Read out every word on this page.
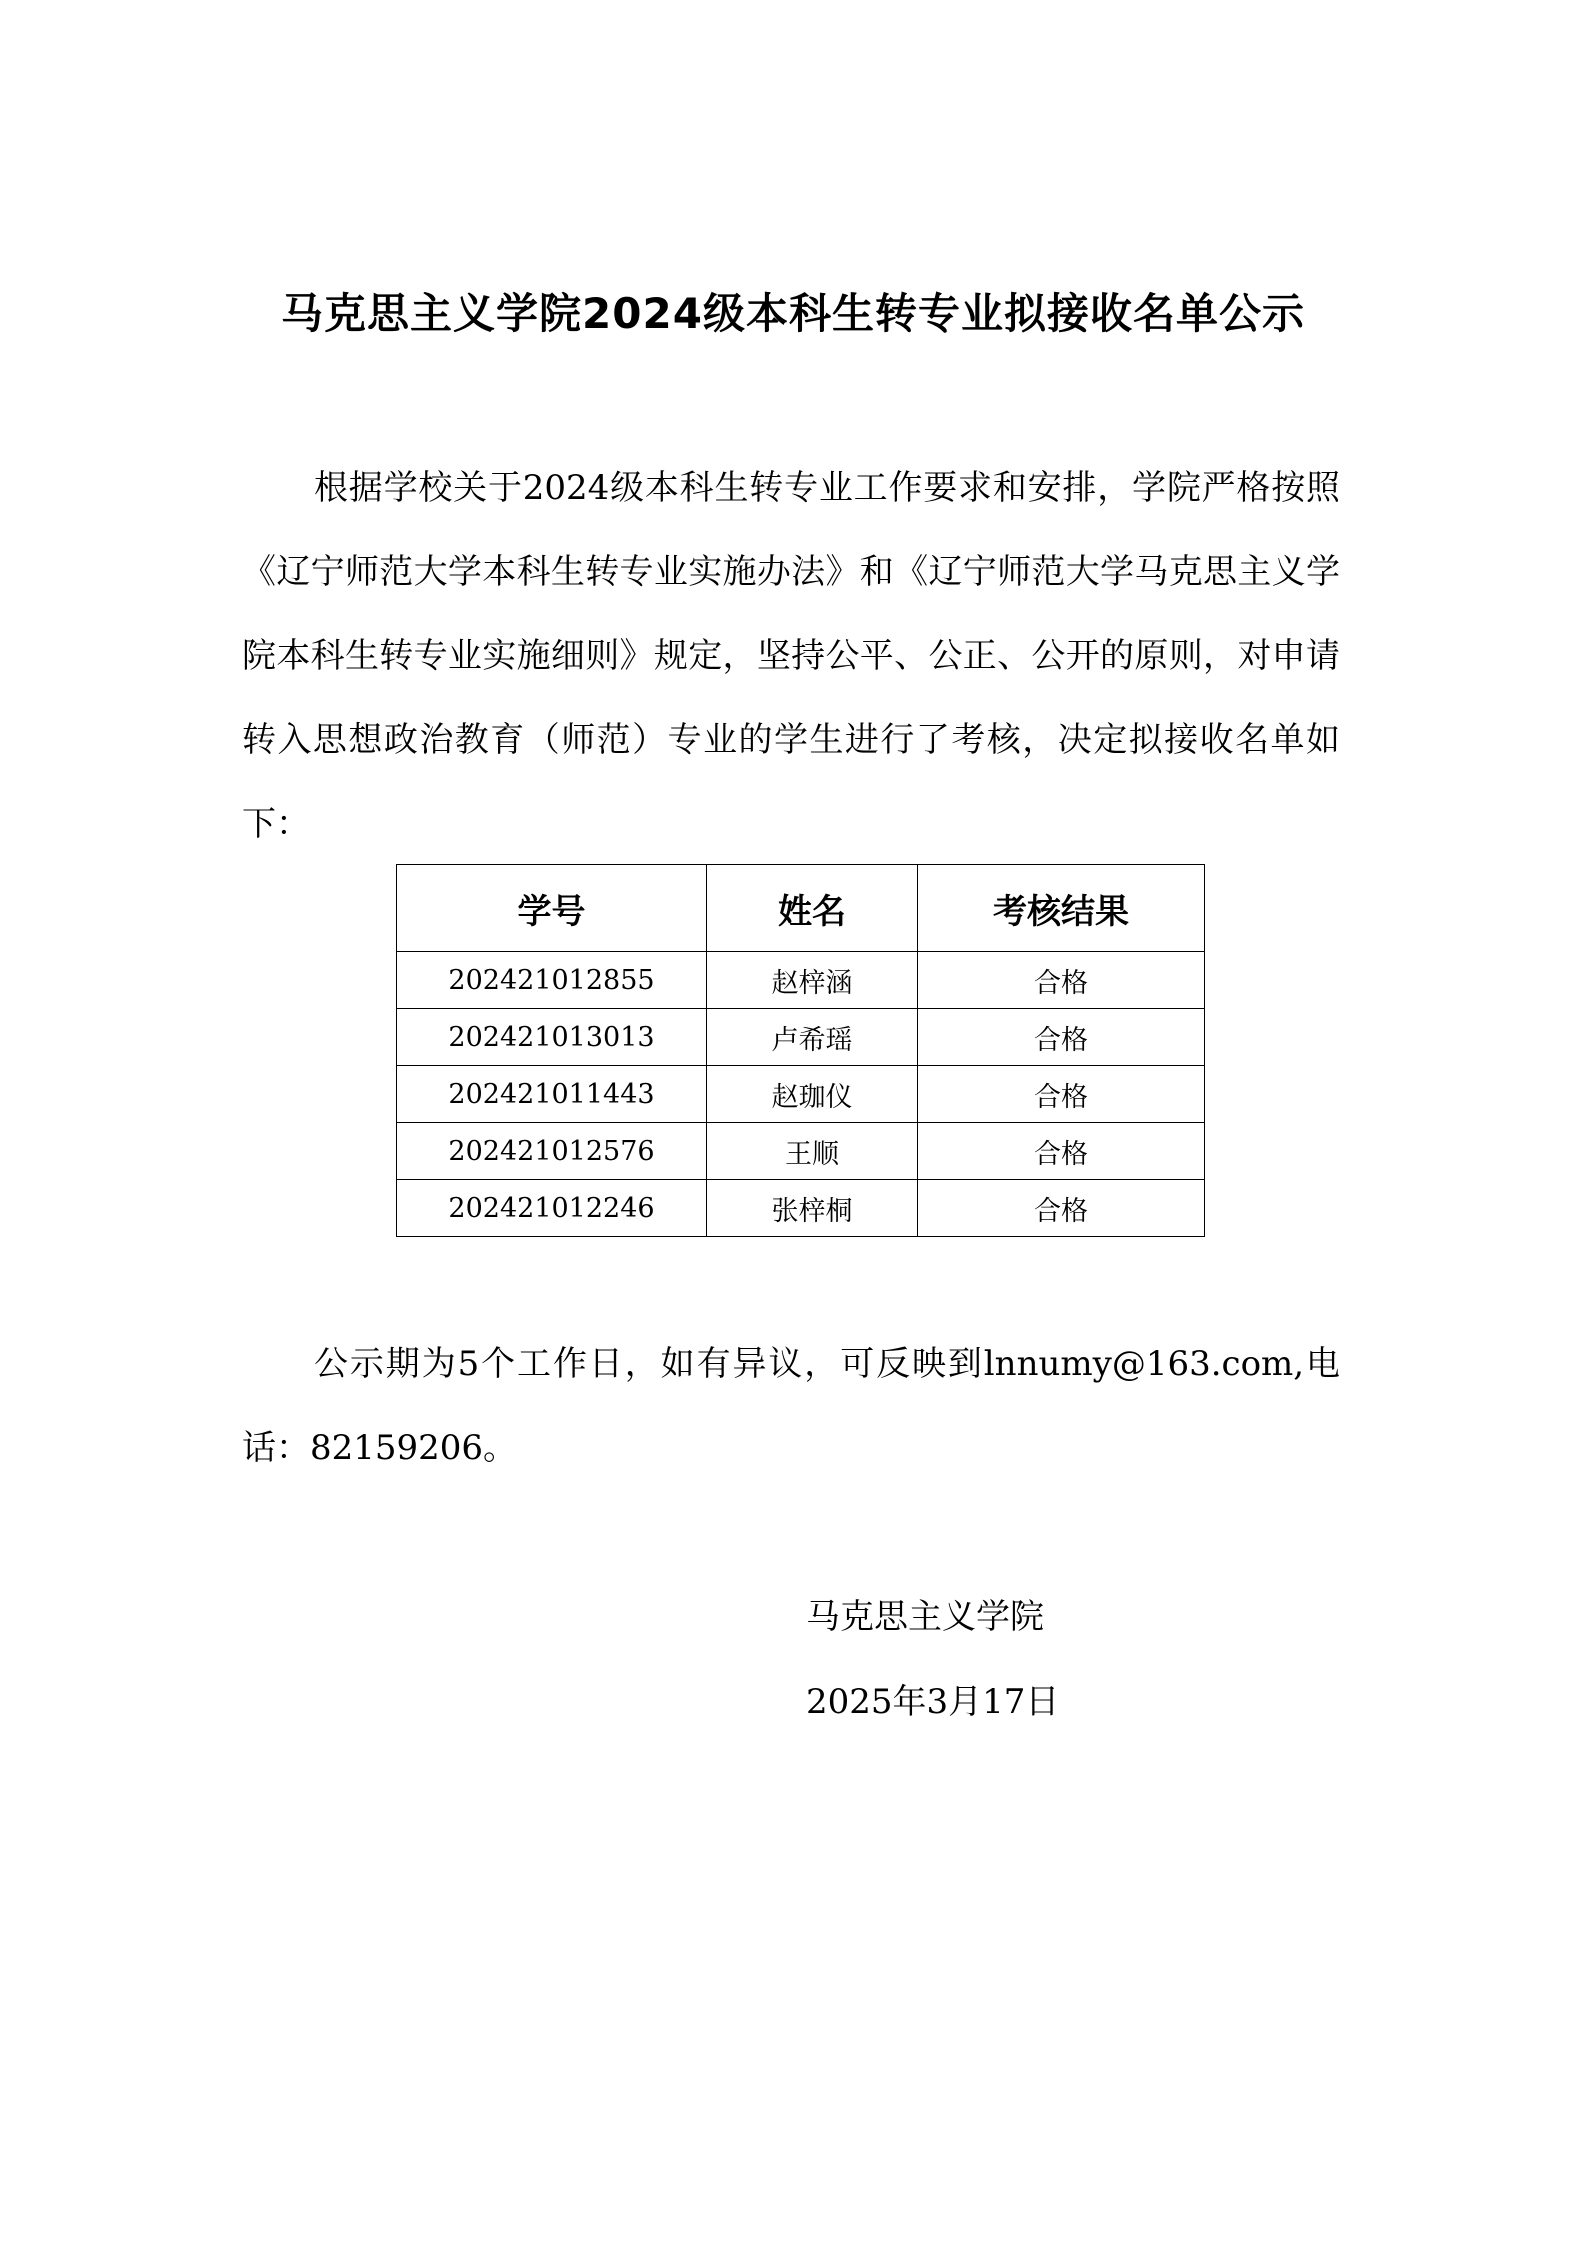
马克思主义学院2024级本科生转专业拟接收名单公示

根据学校关于2024级本科生转专业工作要求和安排，学院严格按照《辽宁师范大学本科生转专业实施办法》和《辽宁师范大学马克思主义学院本科生转专业实施细则》规定，坚持公平、公正、公开的原则，对申请转入思想政治教育（师范）专业的学生进行了考核，决定拟接收名单如下：

学号	姓名	考核结果
202421012855	赵梓涵	合格
202421013013	卢希瑶	合格
202421011443	赵珈仪	合格
202421012576	王顺	合格
202421012246	张梓桐	合格

公示期为5个工作日，如有异议，可反映到lnnumy@163.com,电话：82159206。

马克思主义学院
2025年3月17日
